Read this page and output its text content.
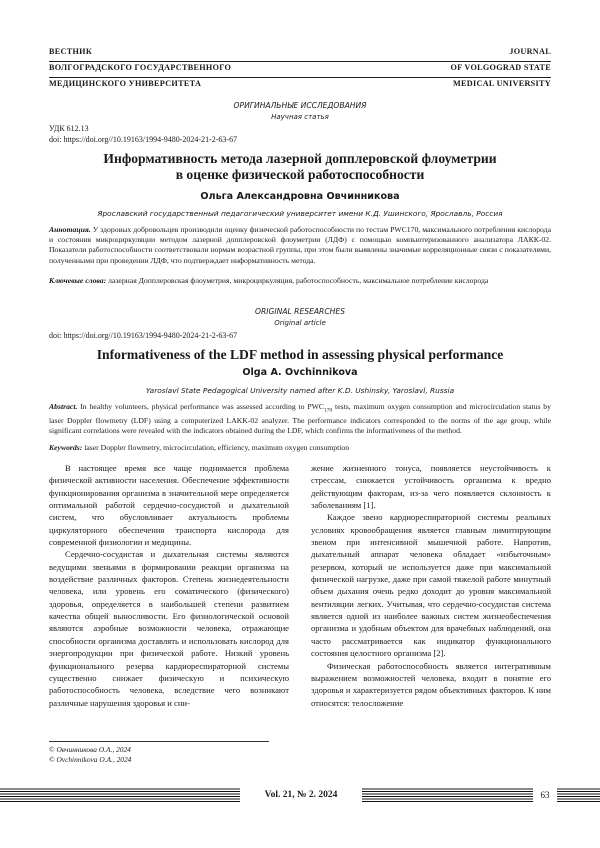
ВЕСТНИК
ВОЛГОГРАДСКОГО ГОСУДАРСТВЕННОГО
МЕДИЦИНСКОГО УНИВЕРСИТЕТА
JOURNAL
OF VOLGOGRAD STATE
MEDICAL UNIVERSITY
ОРИГИНАЛЬНЫЕ ИССЛЕДОВАНИЯ
Научная статья
УДК 612.13
doi: https://doi.org//10.19163/1994-9480-2024-21-2-63-67
Информативность метода лазерной допплеровской флоуметрии
в оценке физической работоспособности
Ольга Александровна Овчинникова
Ярославский государственный педагогический университет имени К.Д. Ушинского, Ярославль, Россия
Аннотация. У здоровых добровольцев производили оценку физической работоспособности по тестам PWC170, максимального потребления кислорода и состояния микроциркуляции методом лазерной допплеровской флоуметрии (ЛДФ) с помощью компьютеризованного анализатора ЛАКК-02. Показатели работоспособности соответствовали нормам возрастной группы, при этом были выявлены значимые корреляционные связи с показателями, полученными при проведении ЛДФ, что подтверждает информативность метода.
Ключевые слова: лазерная Допплеровская флоуметрия, микроциркуляция, работоспособность, максимальное потребление кислорода
ORIGINAL RESEARCHES
Original article
doi: https://doi.org//10.19163/1994-9480-2024-21-2-63-67
Informativeness of the LDF method in assessing physical performance
Olga A. Ovchinnikova
Yaroslavl State Pedagogical University named after K.D. Ushinsky, Yaroslavl, Russia
Abstract. In healthy volunteers, physical performance was assessed according to $PWC_{170}$ tests, maximum oxygen consumption and microcirculation status by laser Doppler flowmetry (LDF) using a computerized LAKK-02 analyzer. The performance indicators corresponded to the norms of the age group, while significant correlations were revealed with the indicators obtained during the LDF, which confirms the informativeness of the method.
Keywords: laser Doppler flowmetry, microcirculation, efficiency, maximum oxygen consumption

В настоящее время все чаще поднимается проблема физической активности населения. Обеспечение эффективности функционирования организма в значительной мере определяется оптимальной работой сердечно-сосудистой и дыхательной систем, что обусловливает актуальность проблемы циркуляторного обеспечения транспорта кислорода для современной физиологии и медицины.

Сердечно-сосудистая и дыхательная системы являются ведущими звеньями в формировании реакции организма на воздействие различных факторов. Степень жизнедеятельности человека, или уровень его соматического (физического) здоровья, определяется в наибольшей степени развитием качества общей выносливости. Его физиологической основой являются аэробные возможности человека, отражающие способности организма доставлять и использовать кислород для энергопродукции при физической работе. Низкий уровень функционального резерва кардиореспираторной системы существенно снижает физическую и психическую работоспособность человека, вследствие чего возникают различные нарушения здоровья и сни-

жение жизненного тонуса, появляется неустойчивость к стрессам, снижается устойчивость организма к вредно действующим факторам, из-за чего появляется склонность к заболеваниям [1].

Каждое звено кардиореспираторной системы реальных условиях кровообращения является главным лимитирующим звеном при интенсивной мышечной работе. Напротив, дыхательный аппарат человека обладает «избыточным» резервом, который не используется даже при максимальной физической нагрузке, даже при самой тяжелой работе минутный объем дыхания очень редко доходит до уровня максимальной вентиляции легких. Учитывая, что сердечно-сосудистая система является одной из наиболее важных систем жизнеобеспечения организма и удобным объектом для врачебных наблюдений, она часто рассматривается как индикатор функционального состояния целостного организма [2].

Физическая работоспособность является интегративным выражением возможностей человека, входит в понятие его здоровья и характеризуется рядом объективных факторов. К ним относятся: телосложение

© Овчинникова О.А., 2024
© Ovchinnikova O.A., 2024
Vol. 21, № 2. 2024	63
